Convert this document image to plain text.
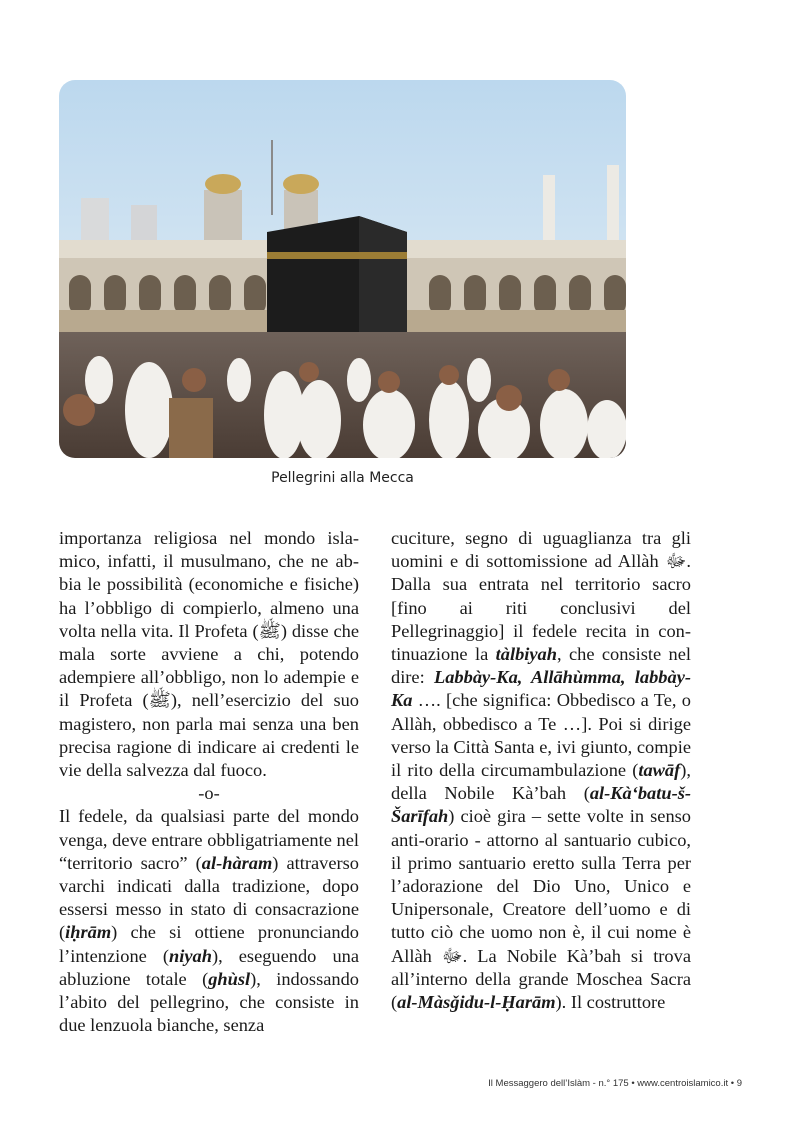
Pellegrini alla Mecca

importanza religiosa nel mondo islamico, infatti, il musulmano, che ne abbia le possibilità (economiche e fisiche) ha l’obbligo di compierlo, almeno una volta nella vita. Il Profeta (ﷺ) disse che mala sorte avviene a chi, potendo adempiere all’obbligo, non lo adempie e il Profeta (ﷺ), nell’esercizio del suo magistero, non parla mai senza una ben precisa ragione di indicare ai credenti le vie della salvezza dal fuoco.

-o-

Il fedele, da qualsiasi parte del mondo venga, deve entrare obbligatriamente nel “territorio sacro” (al-hàram) attraverso varchi indicati dalla tradizione, dopo essersi messo in stato di consacrazione (iḥrām) che si ottiene pronunciando l’intenzione (niyah), eseguendo una abluzione totale (ghùsl), indossando l’abito del pellegrino, che consiste in due lenzuola bianche, senza

cuciture, segno di uguaglianza tra gli uomini e di sottomissione ad Allàh ﷻ. Dalla sua entrata nel territorio sacro [fino ai riti conclusivi del Pellegrinaggio] il fedele recita in continuazione la tàlbiyah, che consiste nel dire: Labbày-Ka, Allāhùmma, labbày-Ka …. [che significa: Obbedisco a Te, o Allàh, obbedisco a Te …]. Poi si dirige verso la Città Santa e, ivi giunto, compie il rito della circumambulazione (tawāf), della Nobile Kà’bah (al-Kà‘batu-š-Šarīfah) cioè gira – sette volte in senso anti-orario - attorno al santuario cubico, il primo santuario eretto sulla Terra per l’adorazione del Dio Uno, Unico e Unipersonale, Creatore dell’uomo e di tutto ciò che uomo non è, il cui nome è Allàh ﷻ. La Nobile Kà’bah si trova all’interno della grande Moschea Sacra (al-Màsǧidu-l-Ḥarām). Il costruttore

Il Messaggero dell’Islàm - n.° 175 • www.centroislamico.it • 9
